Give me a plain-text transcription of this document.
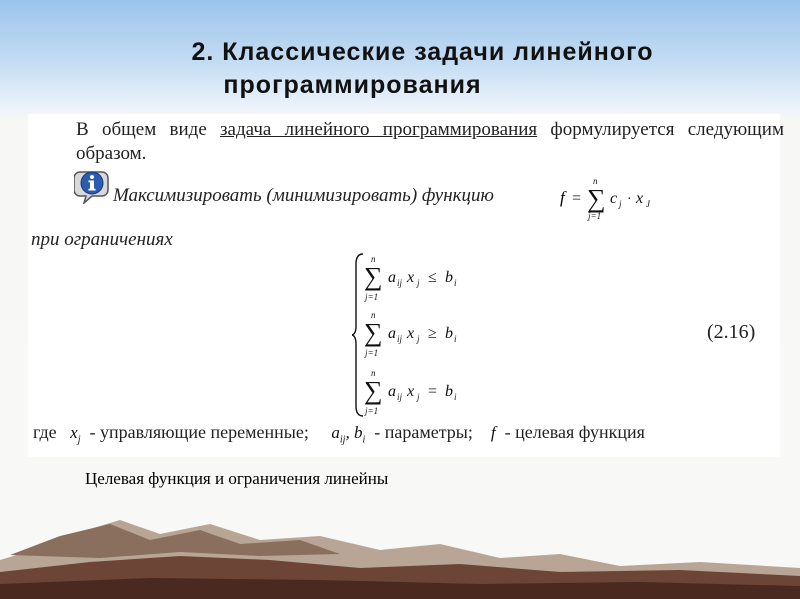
2. Классические задачи линейного
программирования
В общем виде задача линейного программирования формулируется следующим образом.
Максимизировать (минимизировать) функцию	f =
n
∑
j=1
c j · x J
при ограничениях
n
∑
j=1
a ij x j ≤ b i
n
∑
j=1
a ij x j ≥ b i
n
∑
j=1
a ij x j = b i
(2.16)
где $x_j$ - управляющие переменные; $a_{ij}$, $b_i$ - параметры; f - целевая функция
Целевая функция и ограничения линейны
